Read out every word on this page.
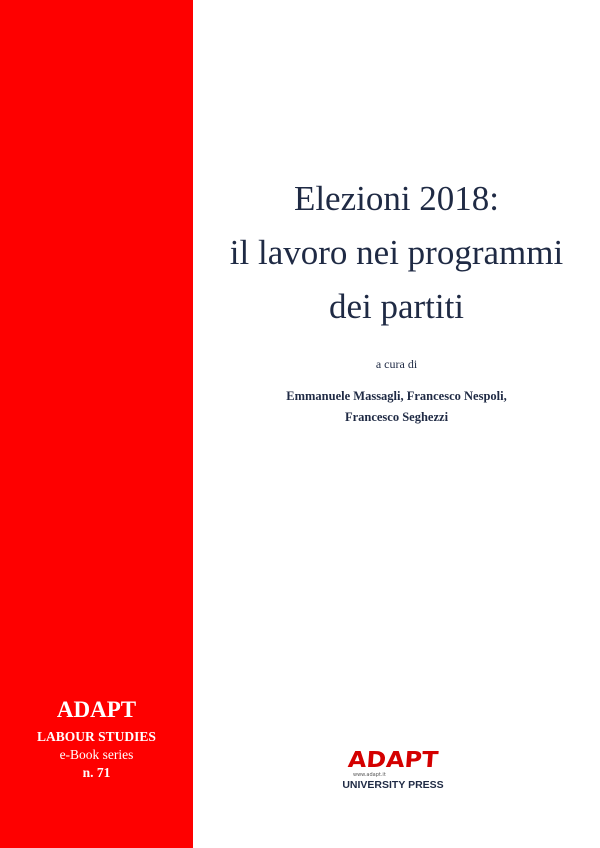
ADAPT
LABOUR STUDIES
e-Book series
n. 71
Elezioni 2018:
il lavoro nei programmi
dei partiti
a cura di
Emmanuele Massagli, Francesco Nespoli,
Francesco Seghezzi
ADAPT
www.adapt.it
UNIVERSITY PRESS
